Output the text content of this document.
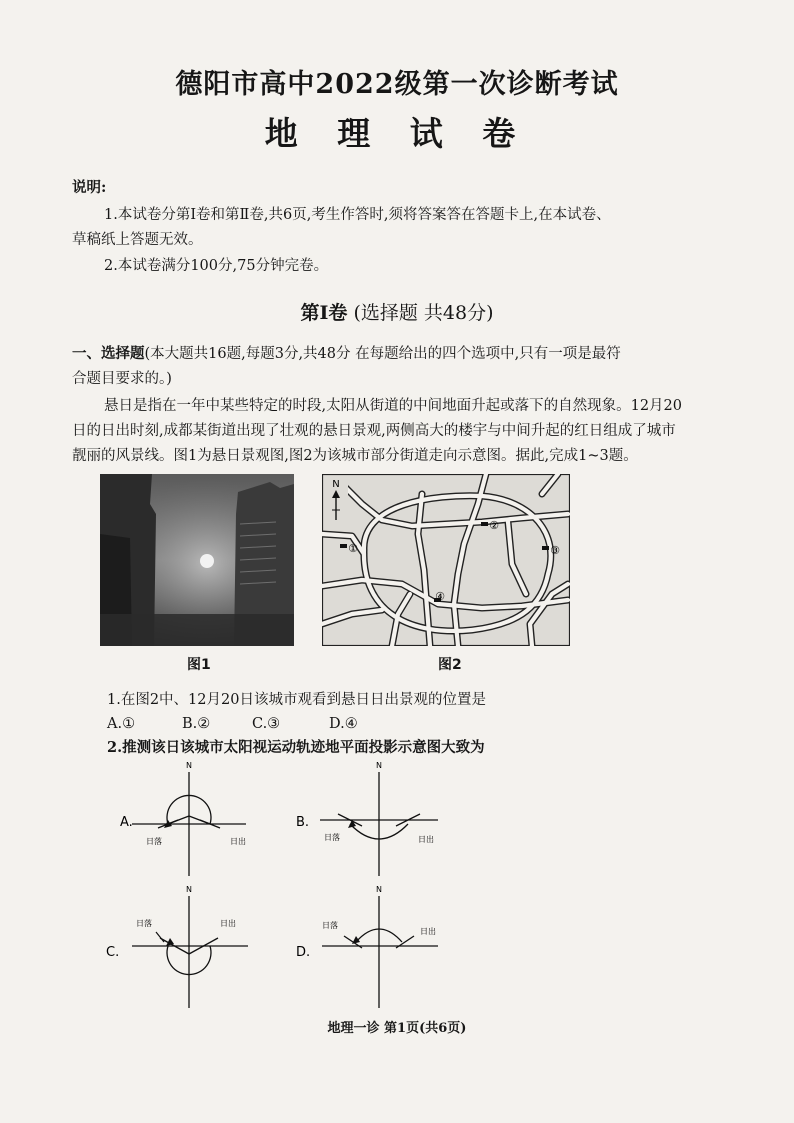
德阳市高中2022级第一次诊断考试
地 理 试 卷
说明:
1.本试卷分第Ⅰ卷和第Ⅱ卷,共6页,考生作答时,须将答案答在答题卡上,在本试卷、
草稿纸上答题无效。
2.本试卷满分100分,75分钟完卷。
第Ⅰ卷 (选择题 共48分)
一、选择题(本大题共16题,每题3分,共48分 在每题给出的四个选项中,只有一项是最符
合题目要求的。)
悬日是指在一年中某些特定的时段,太阳从街道的中间地面升起或落下的自然现象。12月20
日的日出时刻,成都某街道出现了壮观的悬日景观,两侧高大的楼宇与中间升起的红日组成了城市
靓丽的风景线。图1为悬日景观图,图2为该城市部分街道走向示意图。据此,完成1~3题。
图1
N
①
②
③
④
图2
1.在图2中、12月20日该城市观看到悬日日出景观的位置是
A.①	B.②	C.③	D.④
2.推测该日该城市太阳视运动轨迹地平面投影示意图大致为
A.
N
日落	日出
B.
N
日落	日出
C.
N
日落	日出
D.
N
日落
日出
地理一诊 第1页(共6页)
